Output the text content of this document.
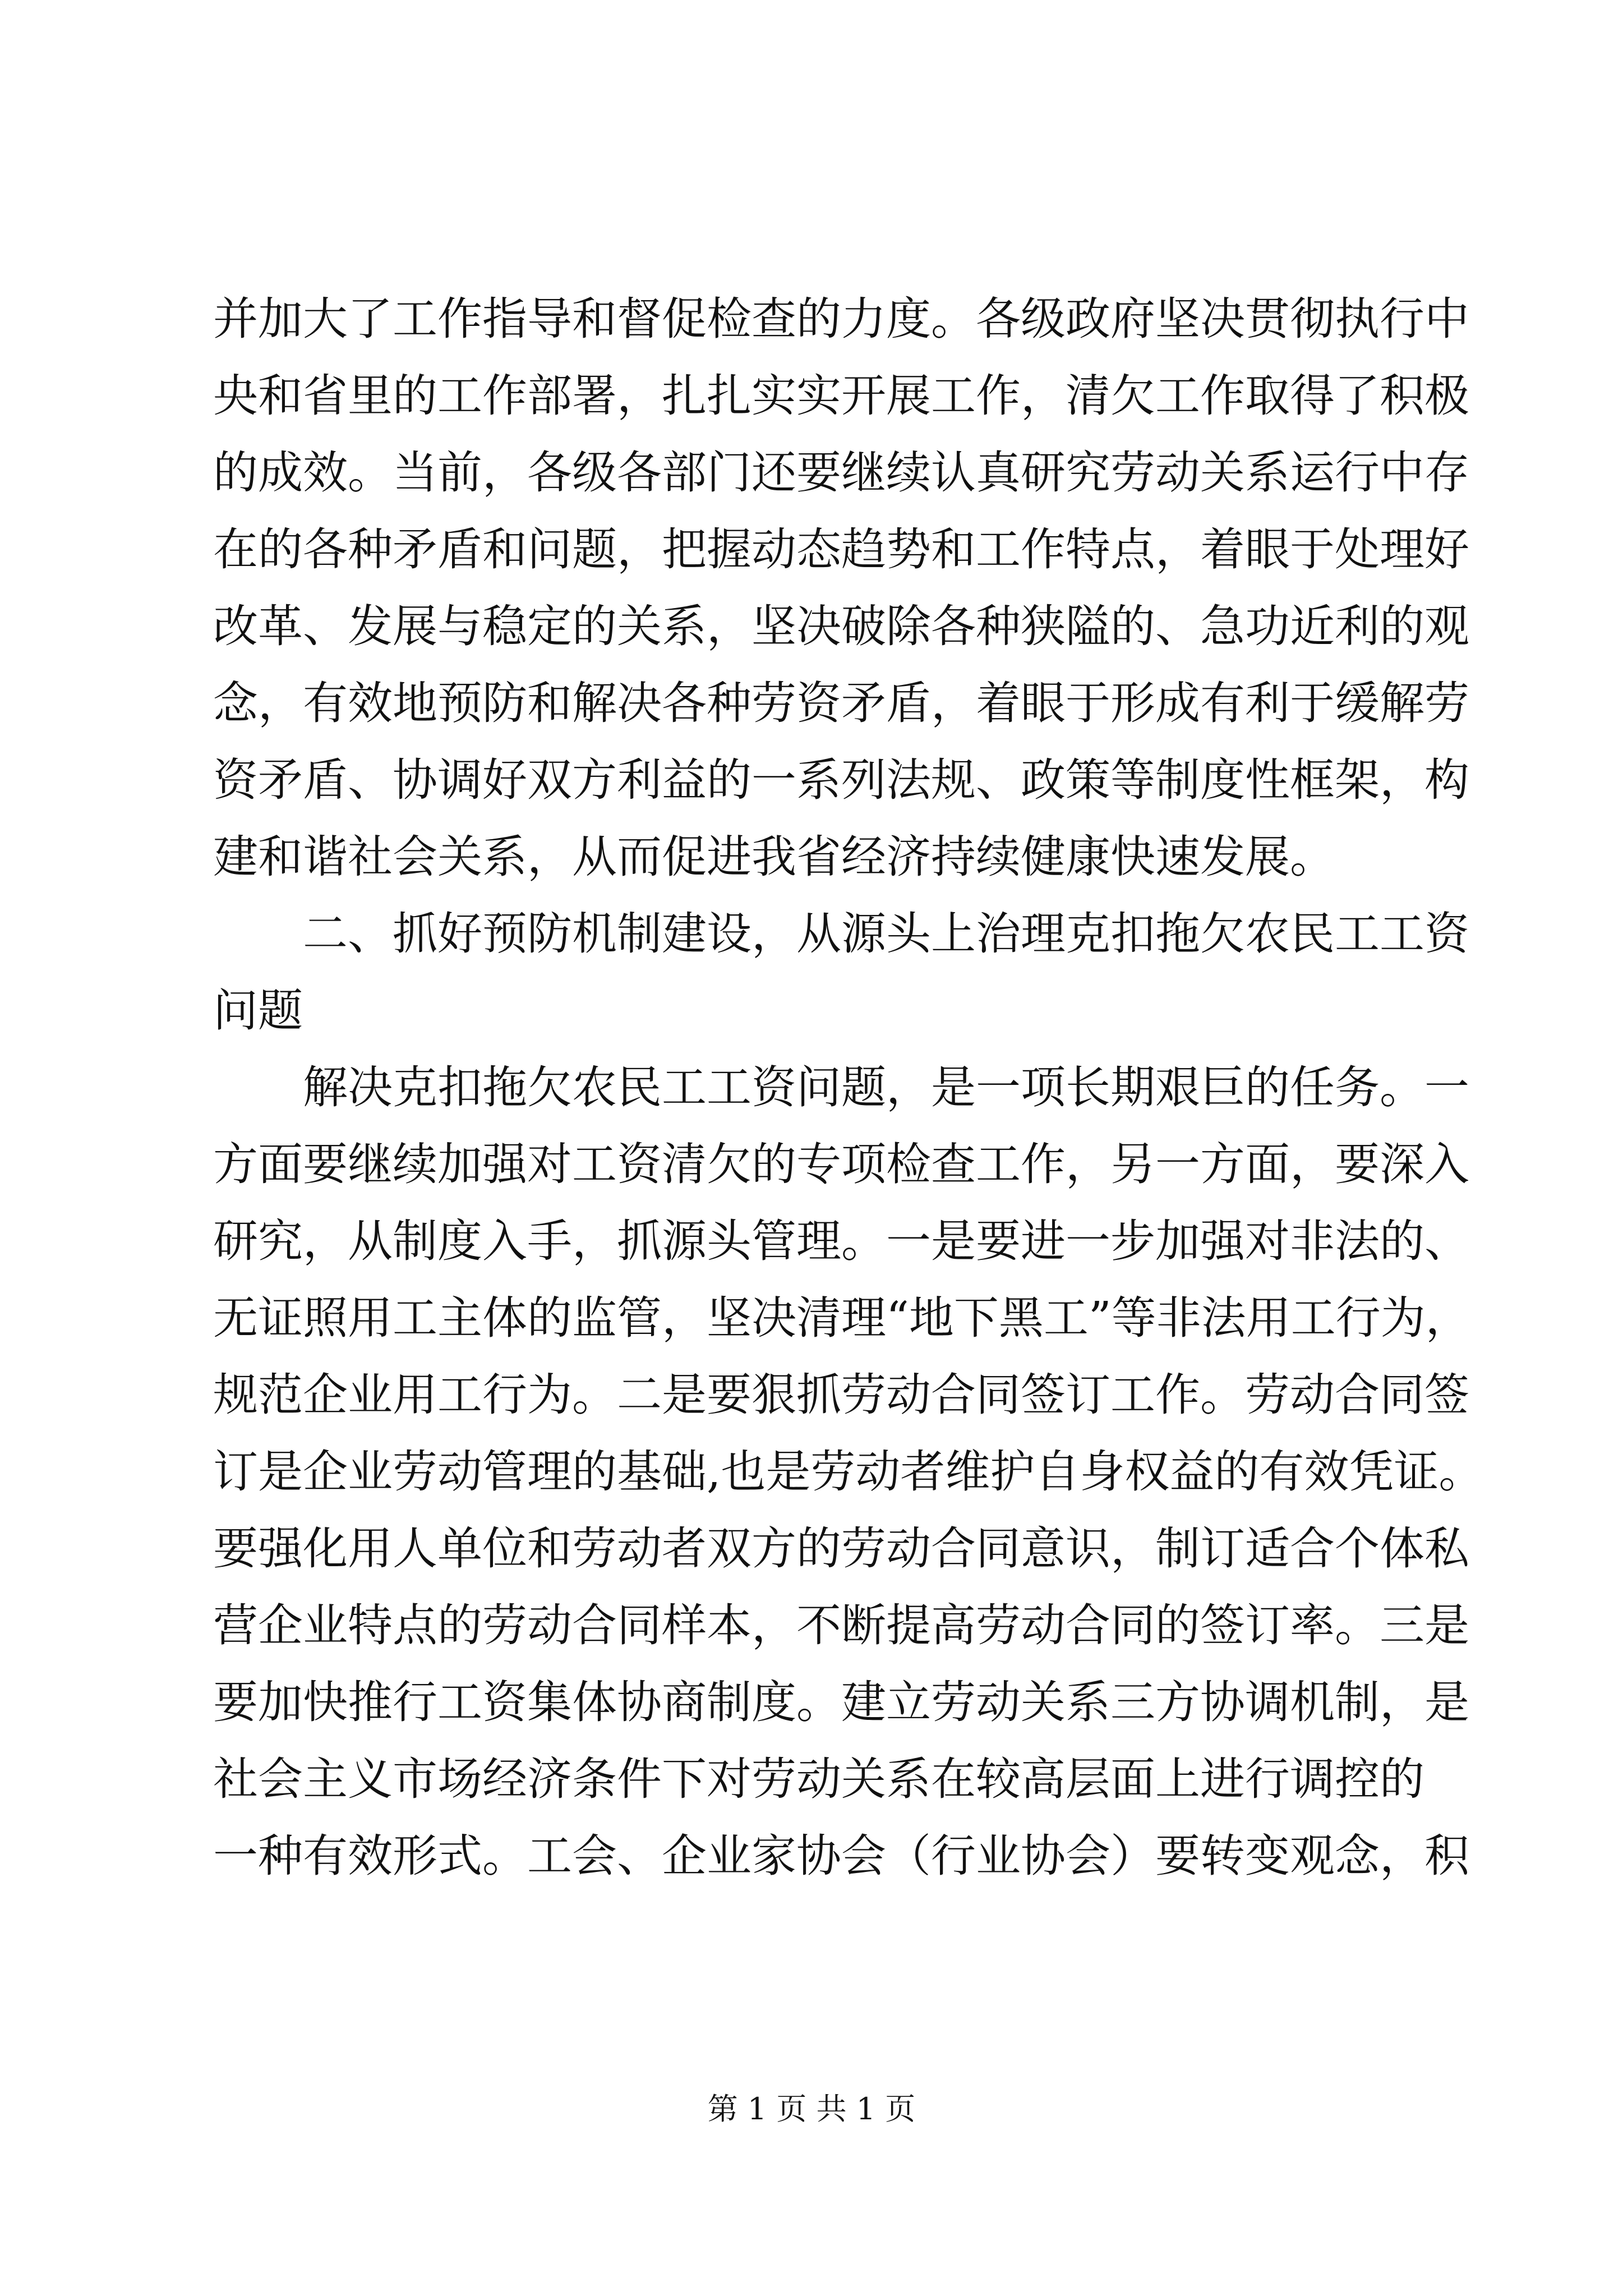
并加大了工作指导和督促检查的力度。各级政府坚决贯彻执行中
央和省里的工作部署，扎扎实实开展工作，清欠工作取得了积极
的成效。当前，各级各部门还要继续认真研究劳动关系运行中存
在的各种矛盾和问题，把握动态趋势和工作特点，着眼于处理好
改革、发展与稳定的关系，坚决破除各种狭隘的、急功近利的观
念，有效地预防和解决各种劳资矛盾，着眼于形成有利于缓解劳
资矛盾、协调好双方利益的一系列法规、政策等制度性框架，构
建和谐社会关系，从而促进我省经济持续健康快速发展。
二、抓好预防机制建设，从源头上治理克扣拖欠农民工工资
问题
解决克扣拖欠农民工工资问题，是一项长期艰巨的任务。一
方面要继续加强对工资清欠的专项检查工作，另一方面，要深入
研究，从制度入手，抓源头管理。一是要进一步加强对非法的、
无证照用工主体的监管，坚决清理“地下黑工”等非法用工行为，
规范企业用工行为。二是要狠抓劳动合同签订工作。劳动合同签
订是企业劳动管理的基础,也是劳动者维护自身权益的有效凭证。
要强化用人单位和劳动者双方的劳动合同意识，制订适合个体私
营企业特点的劳动合同样本，不断提高劳动合同的签订率。三是
要加快推行工资集体协商制度。建立劳动关系三方协调机制，是
社会主义市场经济条件下对劳动关系在较高层面上进行调控的
一种有效形式。工会、企业家协会（行业协会）要转变观念，积
第 1 页 共 1 页
